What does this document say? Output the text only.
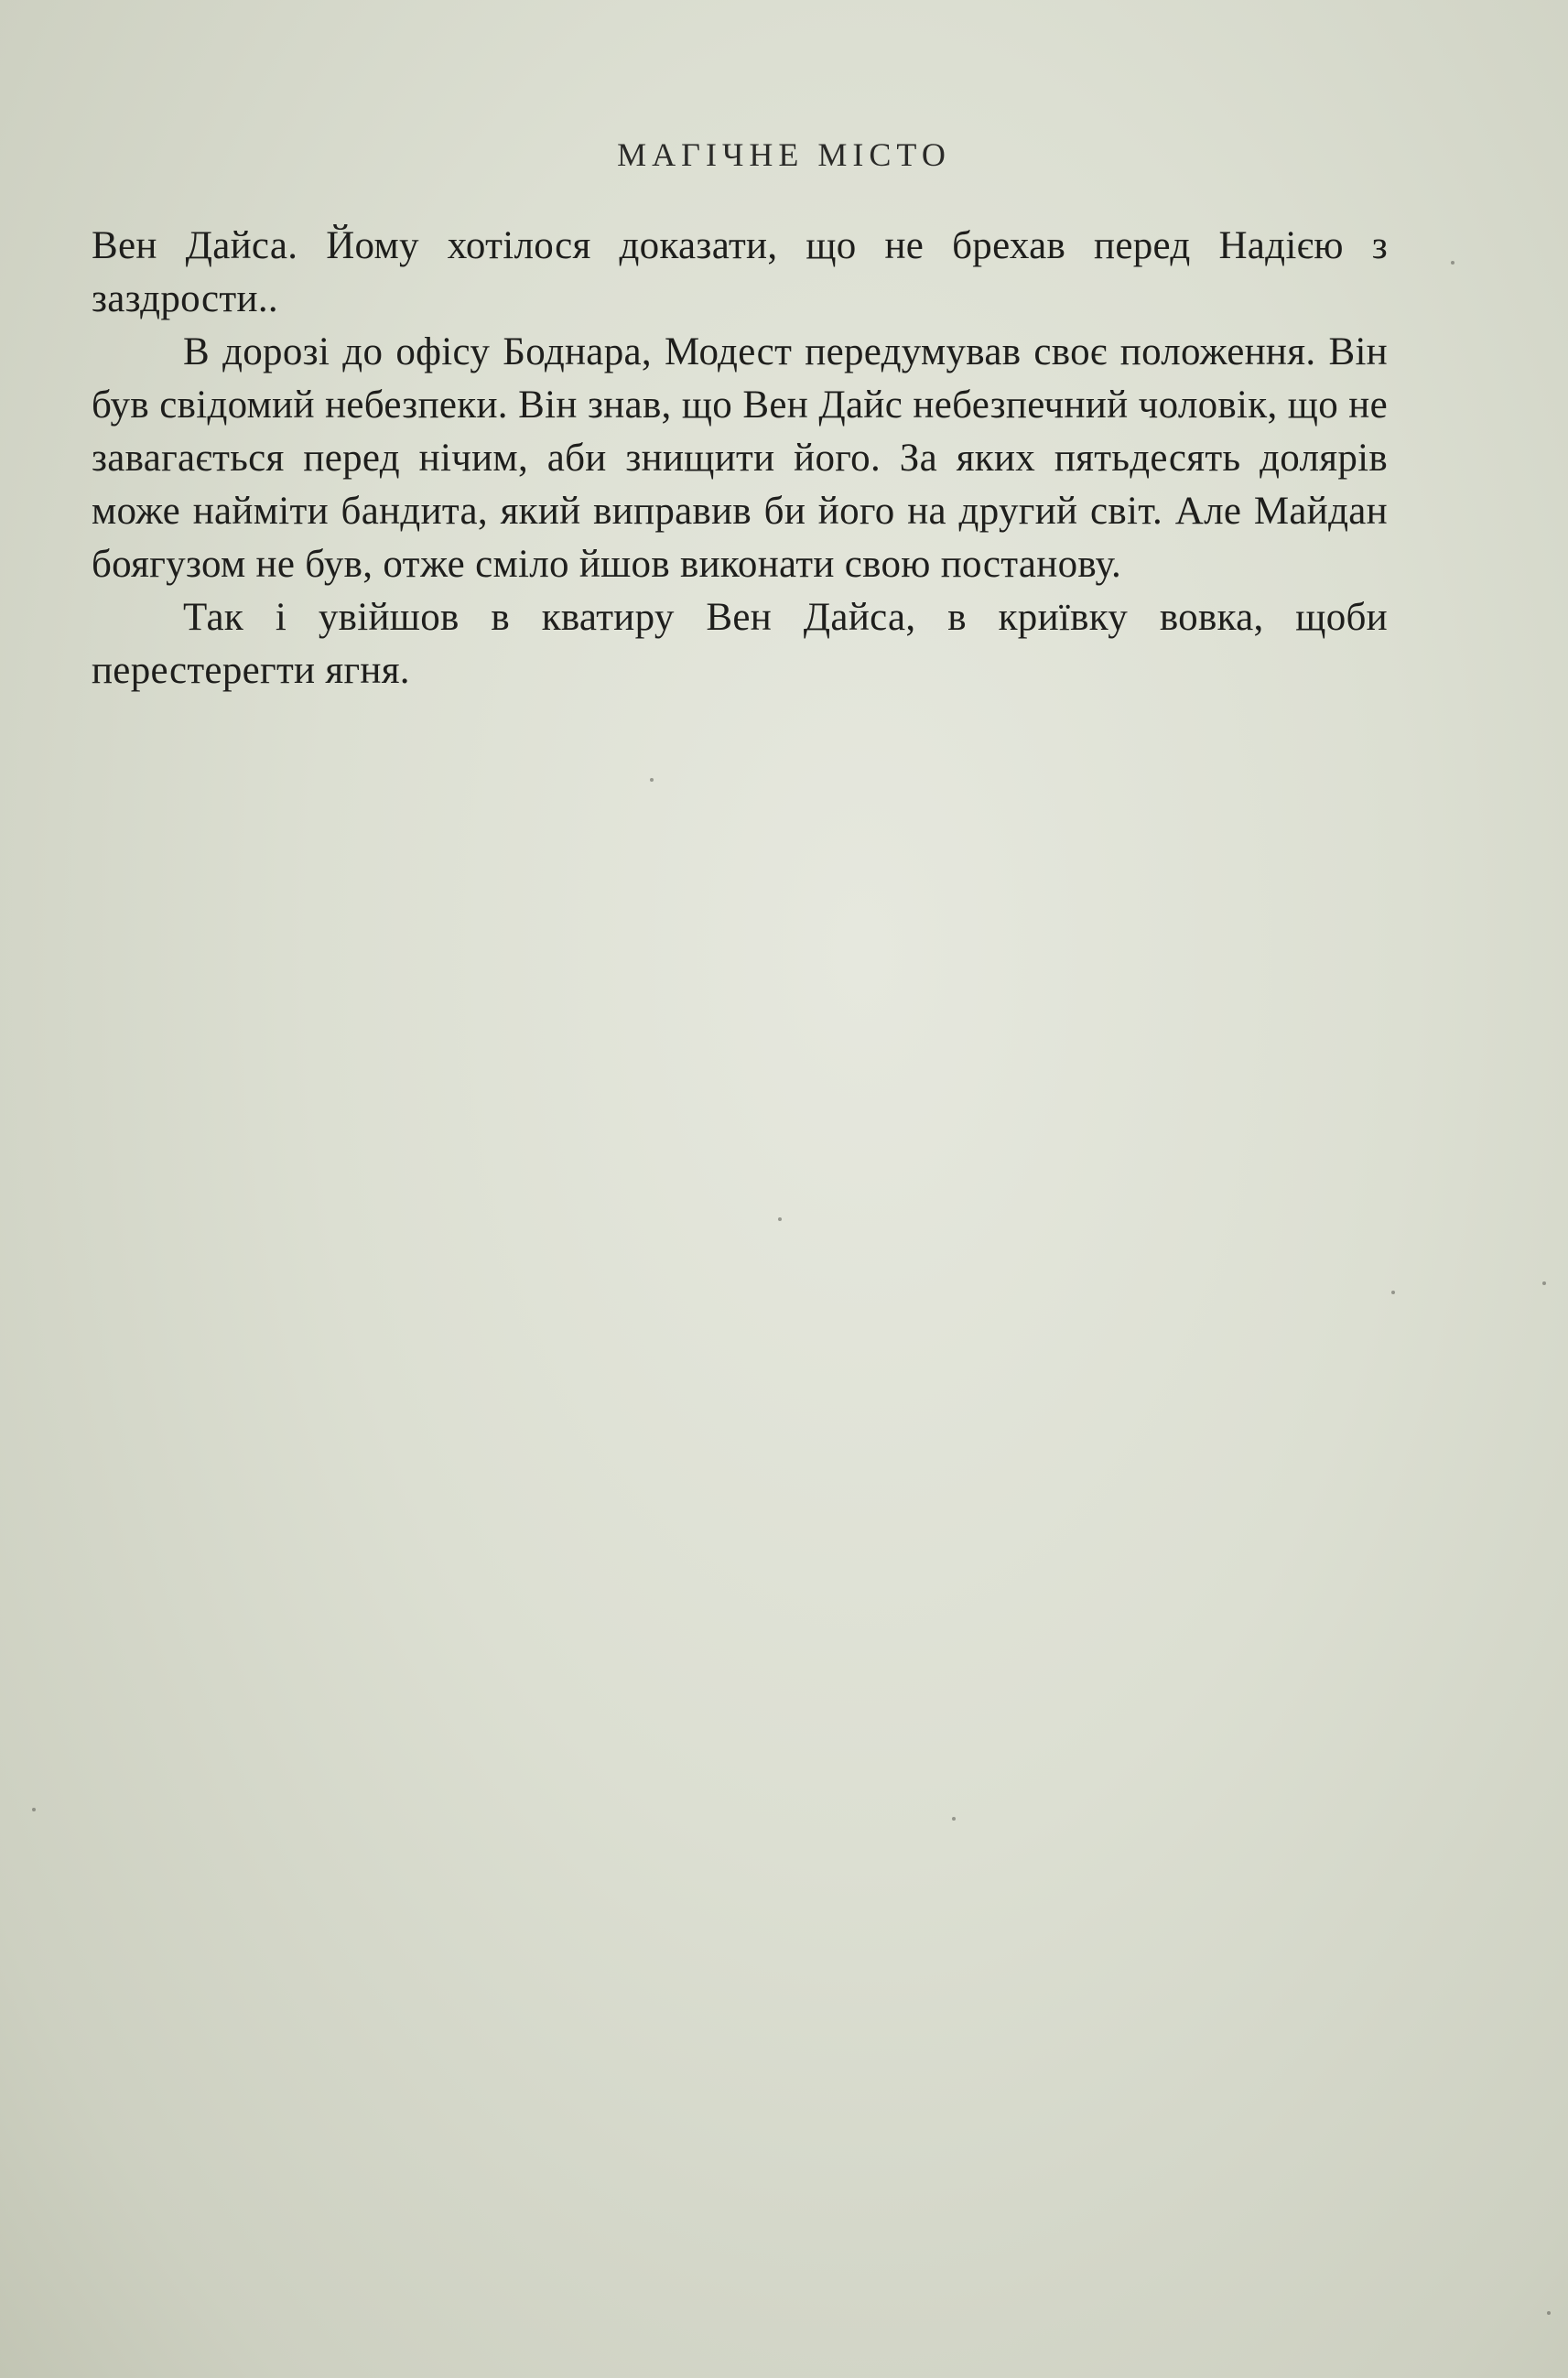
МАГІЧНЕ МІСТО

Вен Дайса. Йому хотілося доказати, що не брехав перед Надією з заздрости..

В дорозі до офісу Боднара, Модест передумував своє положення. Він був свідомий небезпеки. Він знав, що Вен Дайс небезпечний чоловік, що не завагається перед нічим, аби знищити його. За яких пятьдесять долярів може найміти бандита, який виправив би його на другий світ. Але Майдан боягузом не був, отже сміло йшов виконати свою постанову.

Так і увійшов в кватиру Вен Дайса, в криївку вовка, щоби перестерегти ягня.
